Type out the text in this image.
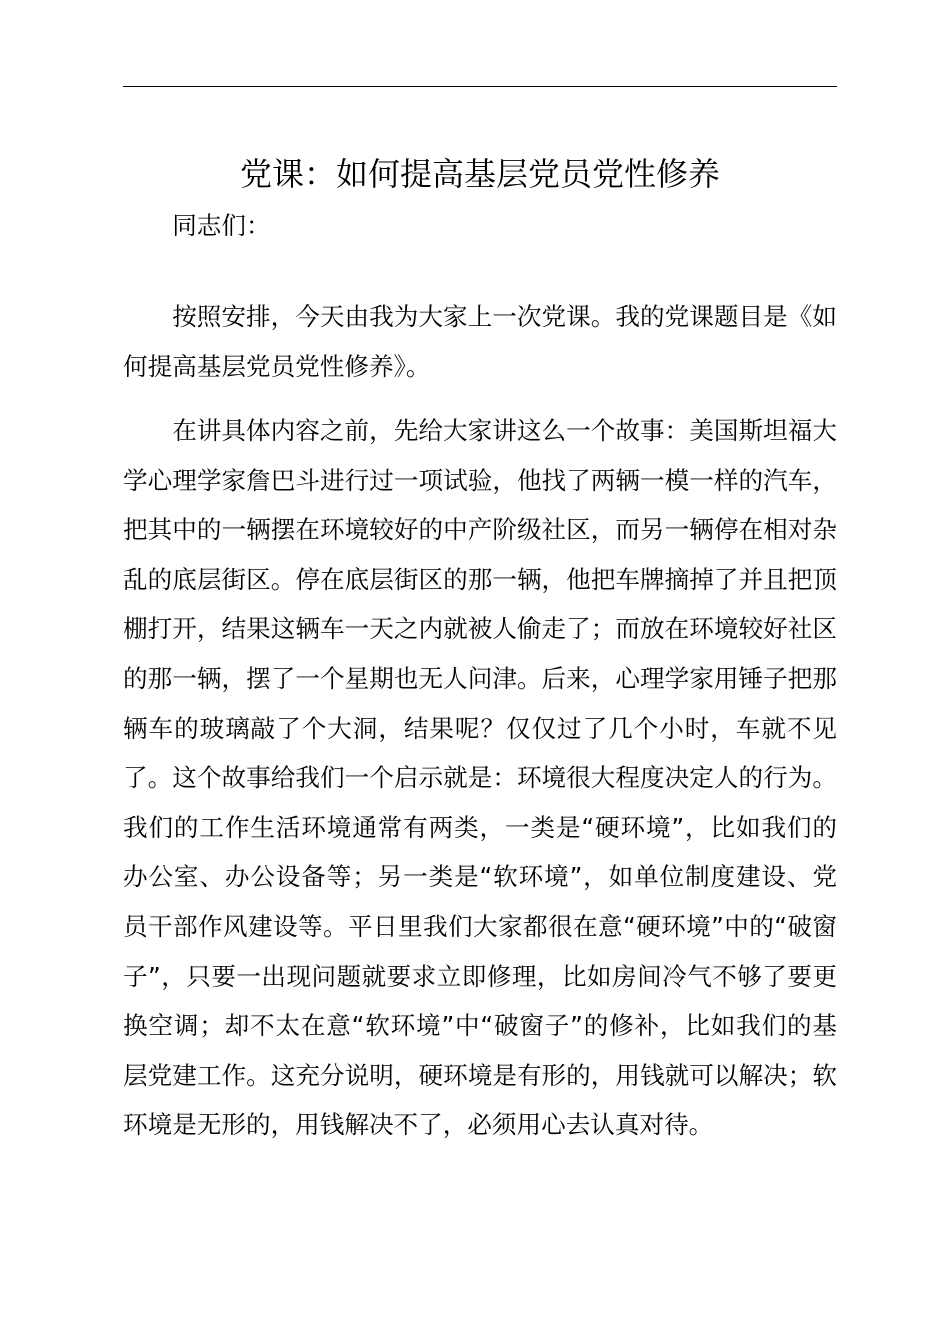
党课：如何提高基层党员党性修养

同志们：

按照安排，今天由我为大家上一次党课。我的党课题目是《如何提高基层党员党性修养》。

在讲具体内容之前，先给大家讲这么一个故事：美国斯坦福大学心理学家詹巴斗进行过一项试验，他找了两辆一模一样的汽车，把其中的一辆摆在环境较好的中产阶级社区，而另一辆停在相对杂乱的底层街区。停在底层街区的那一辆，他把车牌摘掉了并且把顶棚打开，结果这辆车一天之内就被人偷走了；而放在环境较好社区的那一辆，摆了一个星期也无人问津。后来，心理学家用锤子把那辆车的玻璃敲了个大洞，结果呢？仅仅过了几个小时，车就不见了。这个故事给我们一个启示就是：环境很大程度决定人的行为。我们的工作生活环境通常有两类，一类是“硬环境”，比如我们的办公室、办公设备等；另一类是“软环境”，如单位制度建设、党员干部作风建设等。平日里我们大家都很在意“硬环境”中的“破窗子”，只要一出现问题就要求立即修理，比如房间冷气不够了要更换空调；却不太在意“软环境”中“破窗子”的修补，比如我们的基层党建工作。这充分说明，硬环境是有形的，用钱就可以解决；软环境是无形的，用钱解决不了，必须用心去认真对待。
